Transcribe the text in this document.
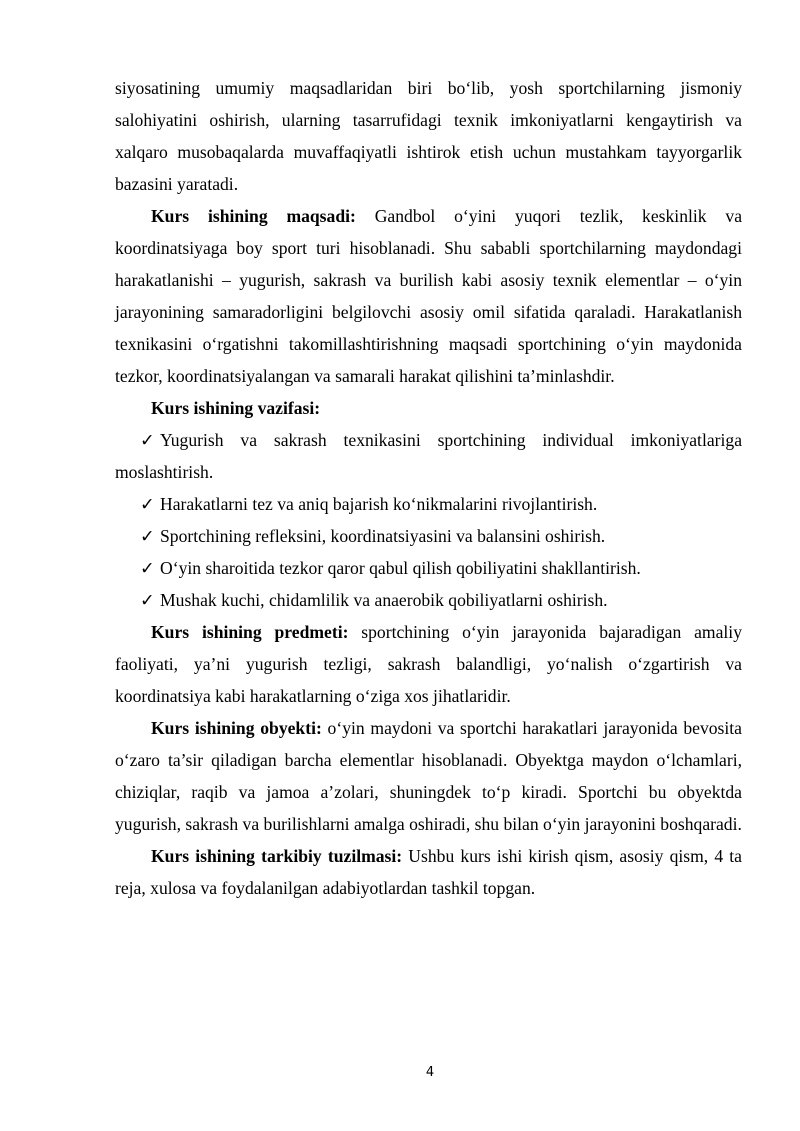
siyosatining umumiy maqsadlaridan biri bo‘lib, yosh sportchilarning jismoniy salohiyatini oshirish, ularning tasarrufidagi texnik imkoniyatlarni kengaytirish va xalqaro musobaqalarda muvaffaqiyatli ishtirok etish uchun mustahkam tayyorgarlik bazasini yaratadi.

Kurs ishining maqsadi: Gandbol o‘yini yuqori tezlik, keskinlik va koordinatsiyaga boy sport turi hisoblanadi. Shu sababli sportchilarning maydondagi harakatlanishi – yugurish, sakrash va burilish kabi asosiy texnik elementlar – o‘yin jarayonining samaradorligini belgilovchi asosiy omil sifatida qaraladi. Harakatlanish texnikasini o‘rgatishni takomillashtirishning maqsadi sportchining o‘yin maydonida tezkor, koordinatsiyalangan va samarali harakat qilishini ta’minlashdir.

Kurs ishining vazifasi:

✓ Yugurish va sakrash texnikasini sportchining individual imkoniyatlariga moslashtirish.

✓ Harakatlarni tez va aniq bajarish ko‘nikmalarini rivojlantirish.

✓ Sportchining refleksini, koordinatsiyasini va balansini oshirish.

✓ O‘yin sharoitida tezkor qaror qabul qilish qobiliyatini shakllantirish.

✓ Mushak kuchi, chidamlilik va anaerobik qobiliyatlarni oshirish.

Kurs ishining predmeti: sportchining o‘yin jarayonida bajaradigan amaliy faoliyati, ya’ni yugurish tezligi, sakrash balandligi, yo‘nalish o‘zgartirish va koordinatsiya kabi harakatlarning o‘ziga xos jihatlaridir.

Kurs ishining obyekti: o‘yin maydoni va sportchi harakatlari jarayonida bevosita o‘zaro ta’sir qiladigan barcha elementlar hisoblanadi. Obyektga maydon o‘lchamlari, chiziqlar, raqib va jamoa a’zolari, shuningdek to‘p kiradi. Sportchi bu obyektda yugurish, sakrash va burilishlarni amalga oshiradi, shu bilan o‘yin jarayonini boshqaradi.

Kurs ishining tarkibiy tuzilmasi: Ushbu kurs ishi kirish qism, asosiy qism, 4 ta reja, xulosa va foydalanilgan adabiyotlardan tashkil topgan.

4
